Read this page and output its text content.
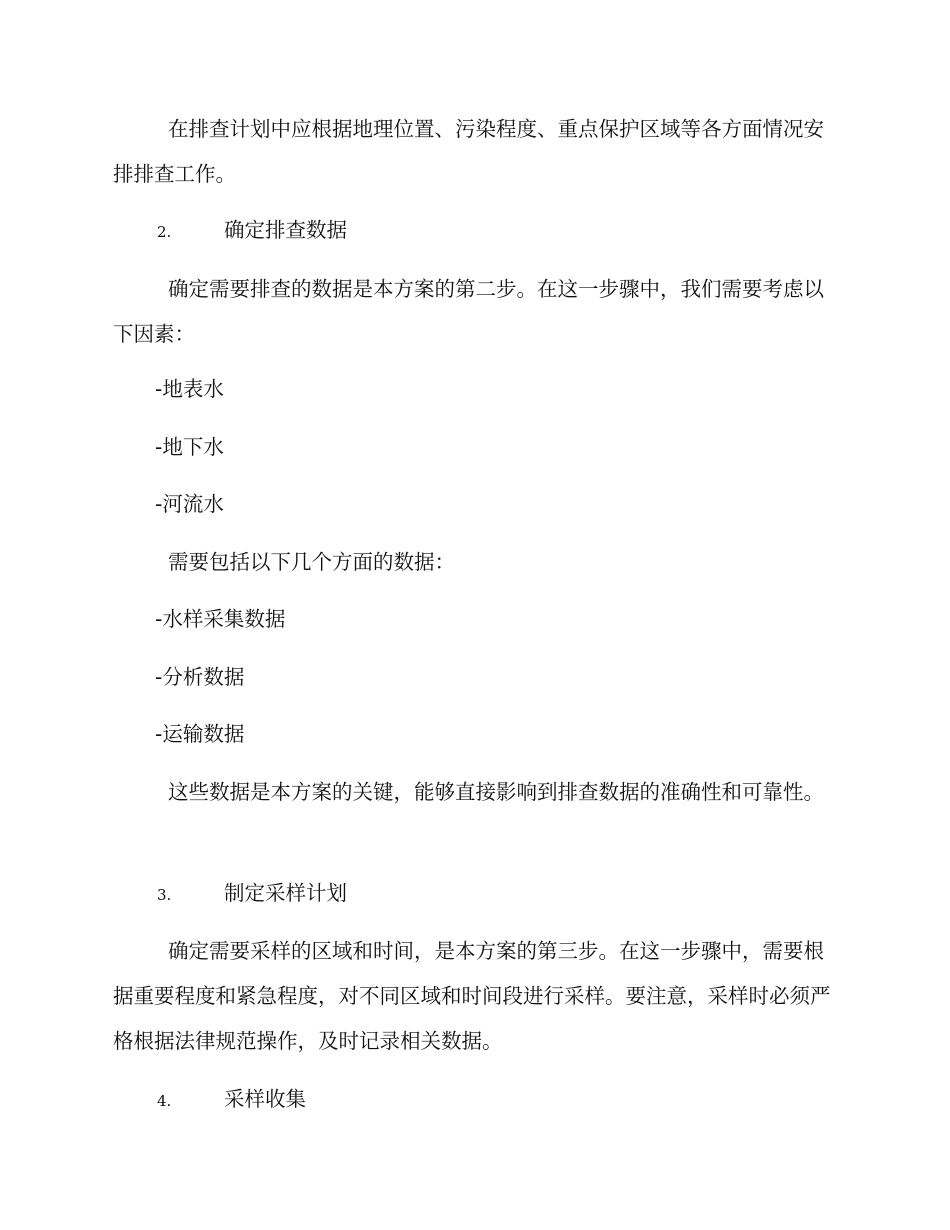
在排查计划中应根据地理位置、污染程度、重点保护区域等各方面情况安排排查工作。
2.	确定排查数据
确定需要排查的数据是本方案的第二步。在这一步骤中，我们需要考虑以下因素：
-地表水
-地下水
-河流水
需要包括以下几个方面的数据：
-水样采集数据
-分析数据
-运输数据
这些数据是本方案的关键，能够直接影响到排查数据的准确性和可靠性。
3.	制定采样计划
确定需要采样的区域和时间，是本方案的第三步。在这一步骤中，需要根据重要程度和紧急程度，对不同区域和时间段进行采样。要注意，采样时必须严格根据法律规范操作，及时记录相关数据。
4.	采样收集
